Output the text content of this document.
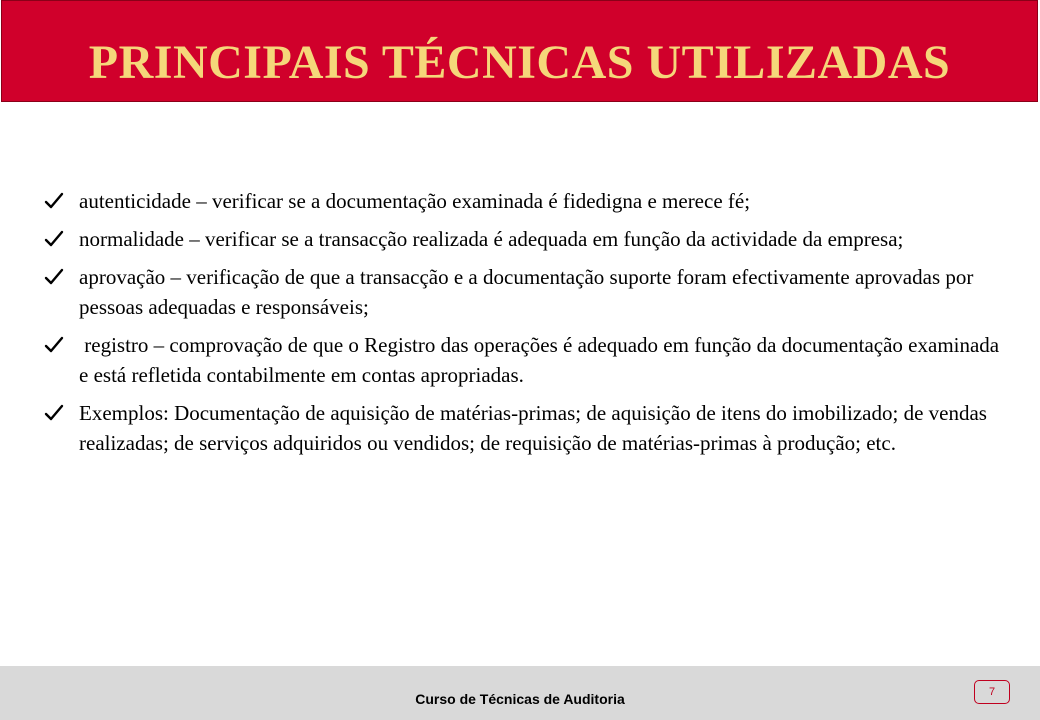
PRINCIPAIS TÉCNICAS UTILIZADAS
autenticidade – verificar se a documentação examinada é fidedigna e merece fé;
normalidade – verificar se a transacção realizada é adequada em função da actividade da empresa;
aprovação – verificação de que a transacção e a documentação suporte foram efectivamente aprovadas por pessoas adequadas e responsáveis;
registro – comprovação de que o Registro das operações é adequado em função da documentação examinada e está refletida contabilmente em contas apropriadas.
Exemplos: Documentação de aquisição de matérias-primas; de aquisição de itens do imobilizado; de vendas realizadas; de serviços adquiridos ou vendidos; de requisição de matérias-primas à produção; etc.
Curso de Técnicas de Auditoria	7
